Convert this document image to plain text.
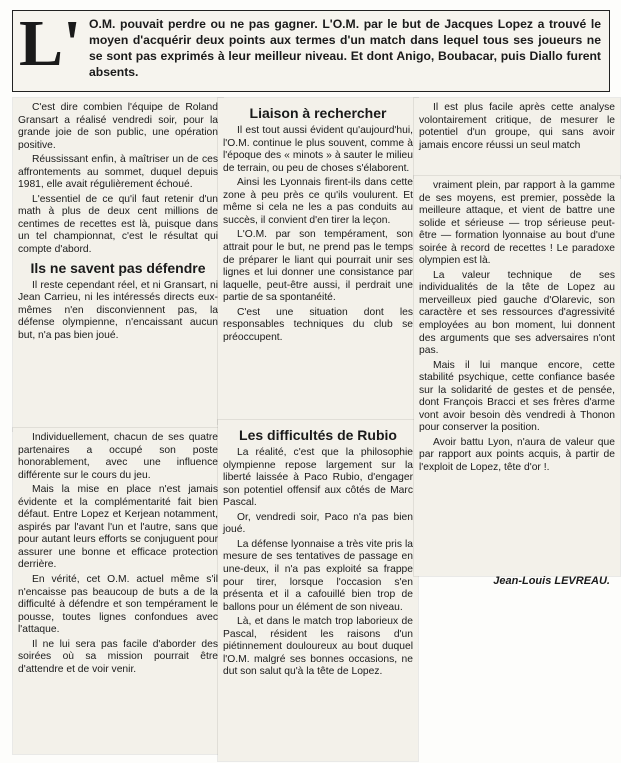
L' O.M. pouvait perdre ou ne pas gagner. L'O.M. par le but de Jacques Lopez a trouvé le moyen d'acquérir deux points aux termes d'un match dans lequel tous ses joueurs ne se sont pas exprimés à leur meilleur niveau. Et dont Anigo, Boubacar, puis Diallo furent absents.

C'est dire combien l'équipe de Roland Gransart a réalisé vendredi soir, pour la grande joie de son public, une opération positive.

Réussissant enfin, à maîtriser un de ces affrontements au sommet, duquel depuis 1981, elle avait régulièrement échoué.

L'essentiel de ce qu'il faut retenir d'un math à plus de deux cent millions de centimes de recettes est là, puisque dans un tel championnat, c'est le résultat qui compte d'abord.

Ils ne savent pas défendre

Il reste cependant réel, et ni Gransart, ni Jean Carrieu, ni les intéressés directs eux-mêmes n'en disconviennent pas, la défense olympienne, n'encaissant aucun but, n'a pas bien joué.

Individuellement, chacun de ses quatre partenaires a occupé son poste honorablement, avec une influence différente sur le cours du jeu.

Mais la mise en place n'est jamais évidente et la complémentarité fait bien défaut. Entre Lopez et Kerjean notamment, aspirés par l'avant l'un et l'autre, sans que pour autant leurs efforts se conjuguent pour assurer une bonne et efficace protection derrière.

En vérité, cet O.M. actuel même s'il n'encaisse pas beaucoup de buts a de la difficulté à défendre et son tempérament le pousse, toutes lignes confondues avec l'attaque.

Il ne lui sera pas facile d'aborder des soirées où sa mission pourrait être d'attendre et de voir venir.

Liaison à rechercher

Il est tout aussi évident qu'aujourd'hui, l'O.M. continue le plus souvent, comme à l'époque des « minots » à sauter le milieu de terrain, ou peu de choses s'élaborent.

Ainsi les Lyonnais firent-ils dans cette zone à peu près ce qu'ils voulurent. Et même si cela ne les a pas conduits au succès, il convient d'en tirer la leçon.

L'O.M. par son tempérament, son attrait pour le but, ne prend pas le temps de préparer le liant qui pourrait unir ses lignes et lui donner une consistance par laquelle, peut-être aussi, il perdrait une partie de sa spontanéité.

C'est une situation dont les responsables techniques du club se préoccupent.

Les difficultés de Rubio

La réalité, c'est que la philosophie olympienne repose largement sur la liberté laissée à Paco Rubio, d'engager son potentiel offensif aux côtés de Marc Pascal.

Or, vendredi soir, Paco n'a pas bien joué.

La défense lyonnaise a très vite pris la mesure de ses tentatives de passage en une-deux, il n'a pas exploité sa frappe pour tirer, lorsque l'occasion s'en présenta et il a cafouillé bien trop de ballons pour un élément de son niveau.

Là, et dans le match trop laborieux de Pascal, résident les raisons d'un piétinnement douloureux au bout duquel l'O.M. malgré ses bonnes occasions, ne dut son salut qu'à la tête de Lopez.

Il est plus facile après cette analyse volontairement critique, de mesurer le potentiel d'un groupe, qui sans avoir jamais encore réussi un seul match

vraiment plein, par rapport à la gamme de ses moyens, est premier, possède la meilleure attaque, et vient de battre une solide et sérieuse — trop sérieuse peut-être — formation lyonnaise au bout d'une soirée à record de recettes ! Le paradoxe olympien est là.

La valeur technique de ses individualités de la tête de Lopez au merveilleux pied gauche d'Olarevic, son caractère et ses ressources d'agressivité employées au bon moment, lui donnent des arguments que ses adversaires n'ont pas.

Mais il lui manque encore, cette stabilité psychique, cette confiance basée sur la solidarité de gestes et de pensée, dont François Bracci et ses frères d'arme vont avoir besoin dès vendredi à Thonon pour conserver la position.

Avoir battu Lyon, n'aura de valeur que par rapport aux points acquis, à partir de l'exploit de Lopez, tête d'or !.

Jean-Louis LEVREAU.
